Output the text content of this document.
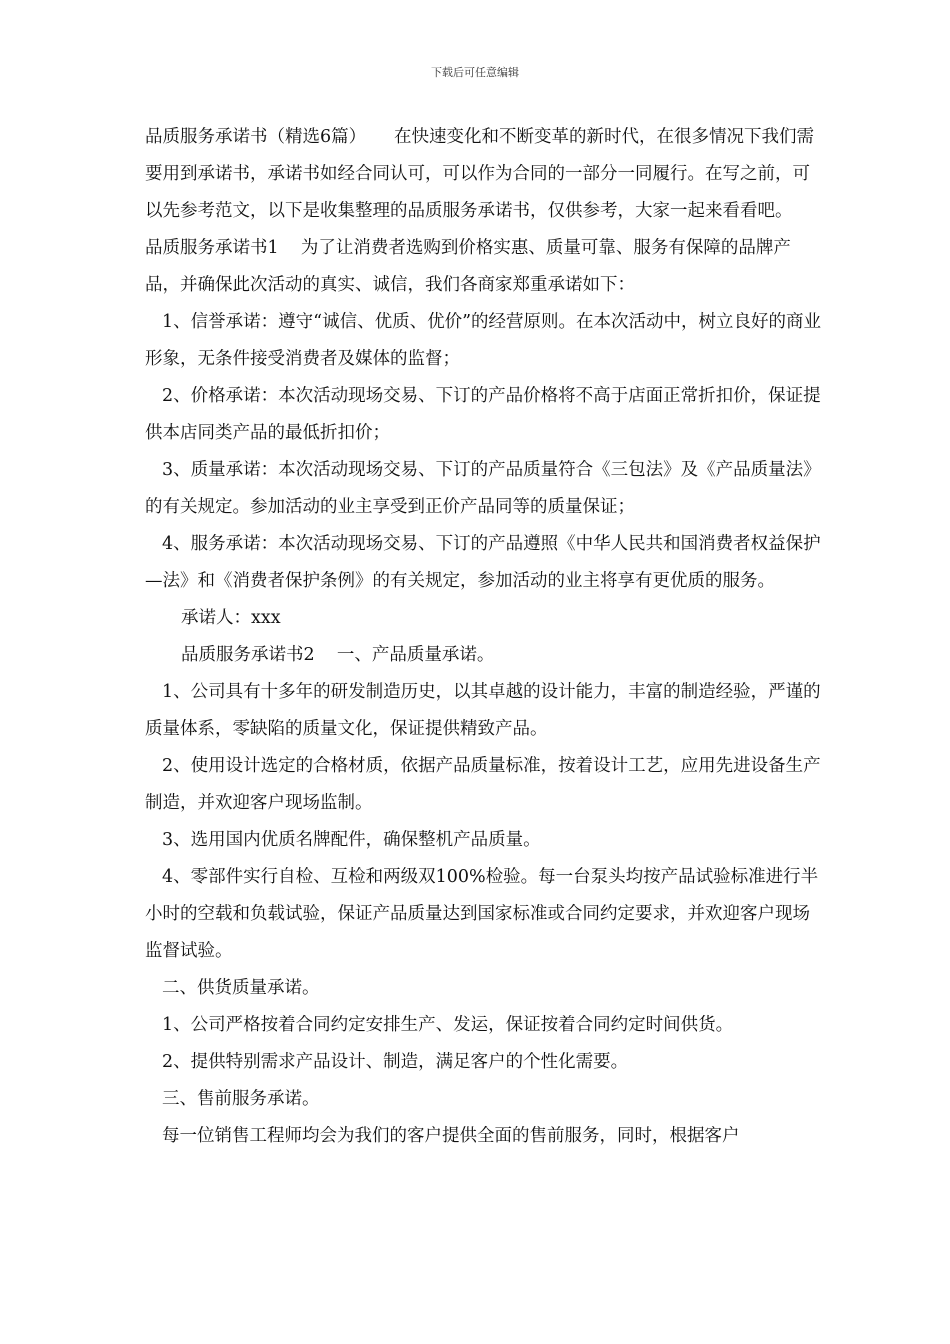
下载后可任意编辑

品质服务承诺书（精选6篇）     在快速变化和不断变革的新时代，在很多情况下我们需要用到承诺书，承诺书如经合同认可，可以作为合同的一部分一同履行。在写之前，可以先参考范文，以下是收集整理的品质服务承诺书，仅供参考，大家一起来看看吧。        品质服务承诺书1    为了让消费者选购到价格实惠、质量可靠、服务有保障的品牌产品，并确保此次活动的真实、诚信，我们各商家郑重承诺如下：

1、信誉承诺：遵守“诚信、优质、优价”的经营原则。在本次活动中，树立良好的商业形象，无条件接受消费者及媒体的监督；

2、价格承诺：本次活动现场交易、下订的产品价格将不高于店面正常折扣价，保证提供本店同类产品的最低折扣价；

3、质量承诺：本次活动现场交易、下订的产品质量符合《三包法》及《产品质量法》的有关规定。参加活动的业主享受到正价产品同等的质量保证；

4、服务承诺：本次活动现场交易、下订的产品遵照《中华人民共和国消费者权益保护—法》和《消费者保护条例》的有关规定，参加活动的业主将享有更优质的服务。

承诺人：xxx

品质服务承诺书2    一、产品质量承诺。

1、公司具有十多年的研发制造历史，以其卓越的设计能力，丰富的制造经验，严谨的质量体系，零缺陷的质量文化，保证提供精致产品。

2、使用设计选定的合格材质，依据产品质量标准，按着设计工艺，应用先进设备生产制造，并欢迎客户现场监制。

3、选用国内优质名牌配件，确保整机产品质量。

4、零部件实行自检、互检和两级双100%检验。每一台泵头均按产品试验标准进行半小时的空载和负载试验，保证产品质量达到国家标准或合同约定要求，并欢迎客户现场监督试验。

二、供货质量承诺。

1、公司严格按着合同约定安排生产、发运，保证按着合同约定时间供货。

2、提供特别需求产品设计、制造，满足客户的个性化需要。

三、售前服务承诺。

每一位销售工程师均会为我们的客户提供全面的售前服务，同时，根据客户
